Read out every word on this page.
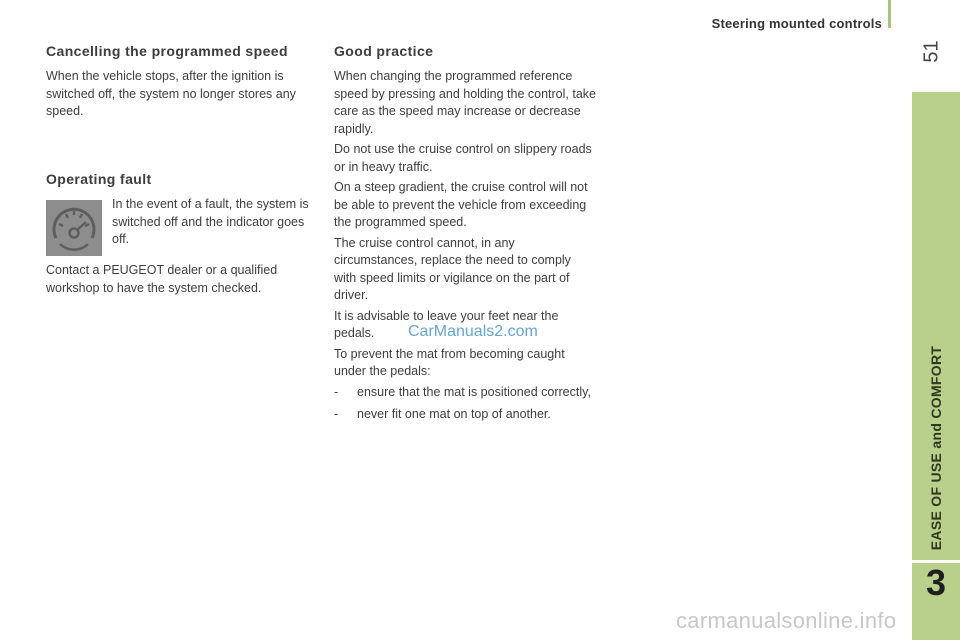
Steering mounted controls
51
EASE OF USE and COMFORT
3
Cancelling the programmed speed

When the vehicle stops, after the ignition is switched off, the system no longer stores any speed.

Operating fault

In the event of a fault, the system is switched off and the indicator goes off.

Contact a PEUGEOT dealer or a qualified workshop to have the system checked.

Good practice

When changing the programmed reference speed by pressing and holding the control, take care as the speed may increase or decrease rapidly.

Do not use the cruise control on slippery roads or in heavy traffic.

On a steep gradient, the cruise control will not be able to prevent the vehicle from exceeding the programmed speed.

The cruise control cannot, in any circumstances, replace the need to comply with speed limits or vigilance on the part of driver.

It is advisable to leave your feet near the pedals.

To prevent the mat from becoming caught under the pedals:

-	ensure that the mat is positioned correctly,

-	never fit one mat on top of another.

CarManuals2.com
carmanualsonline.info
